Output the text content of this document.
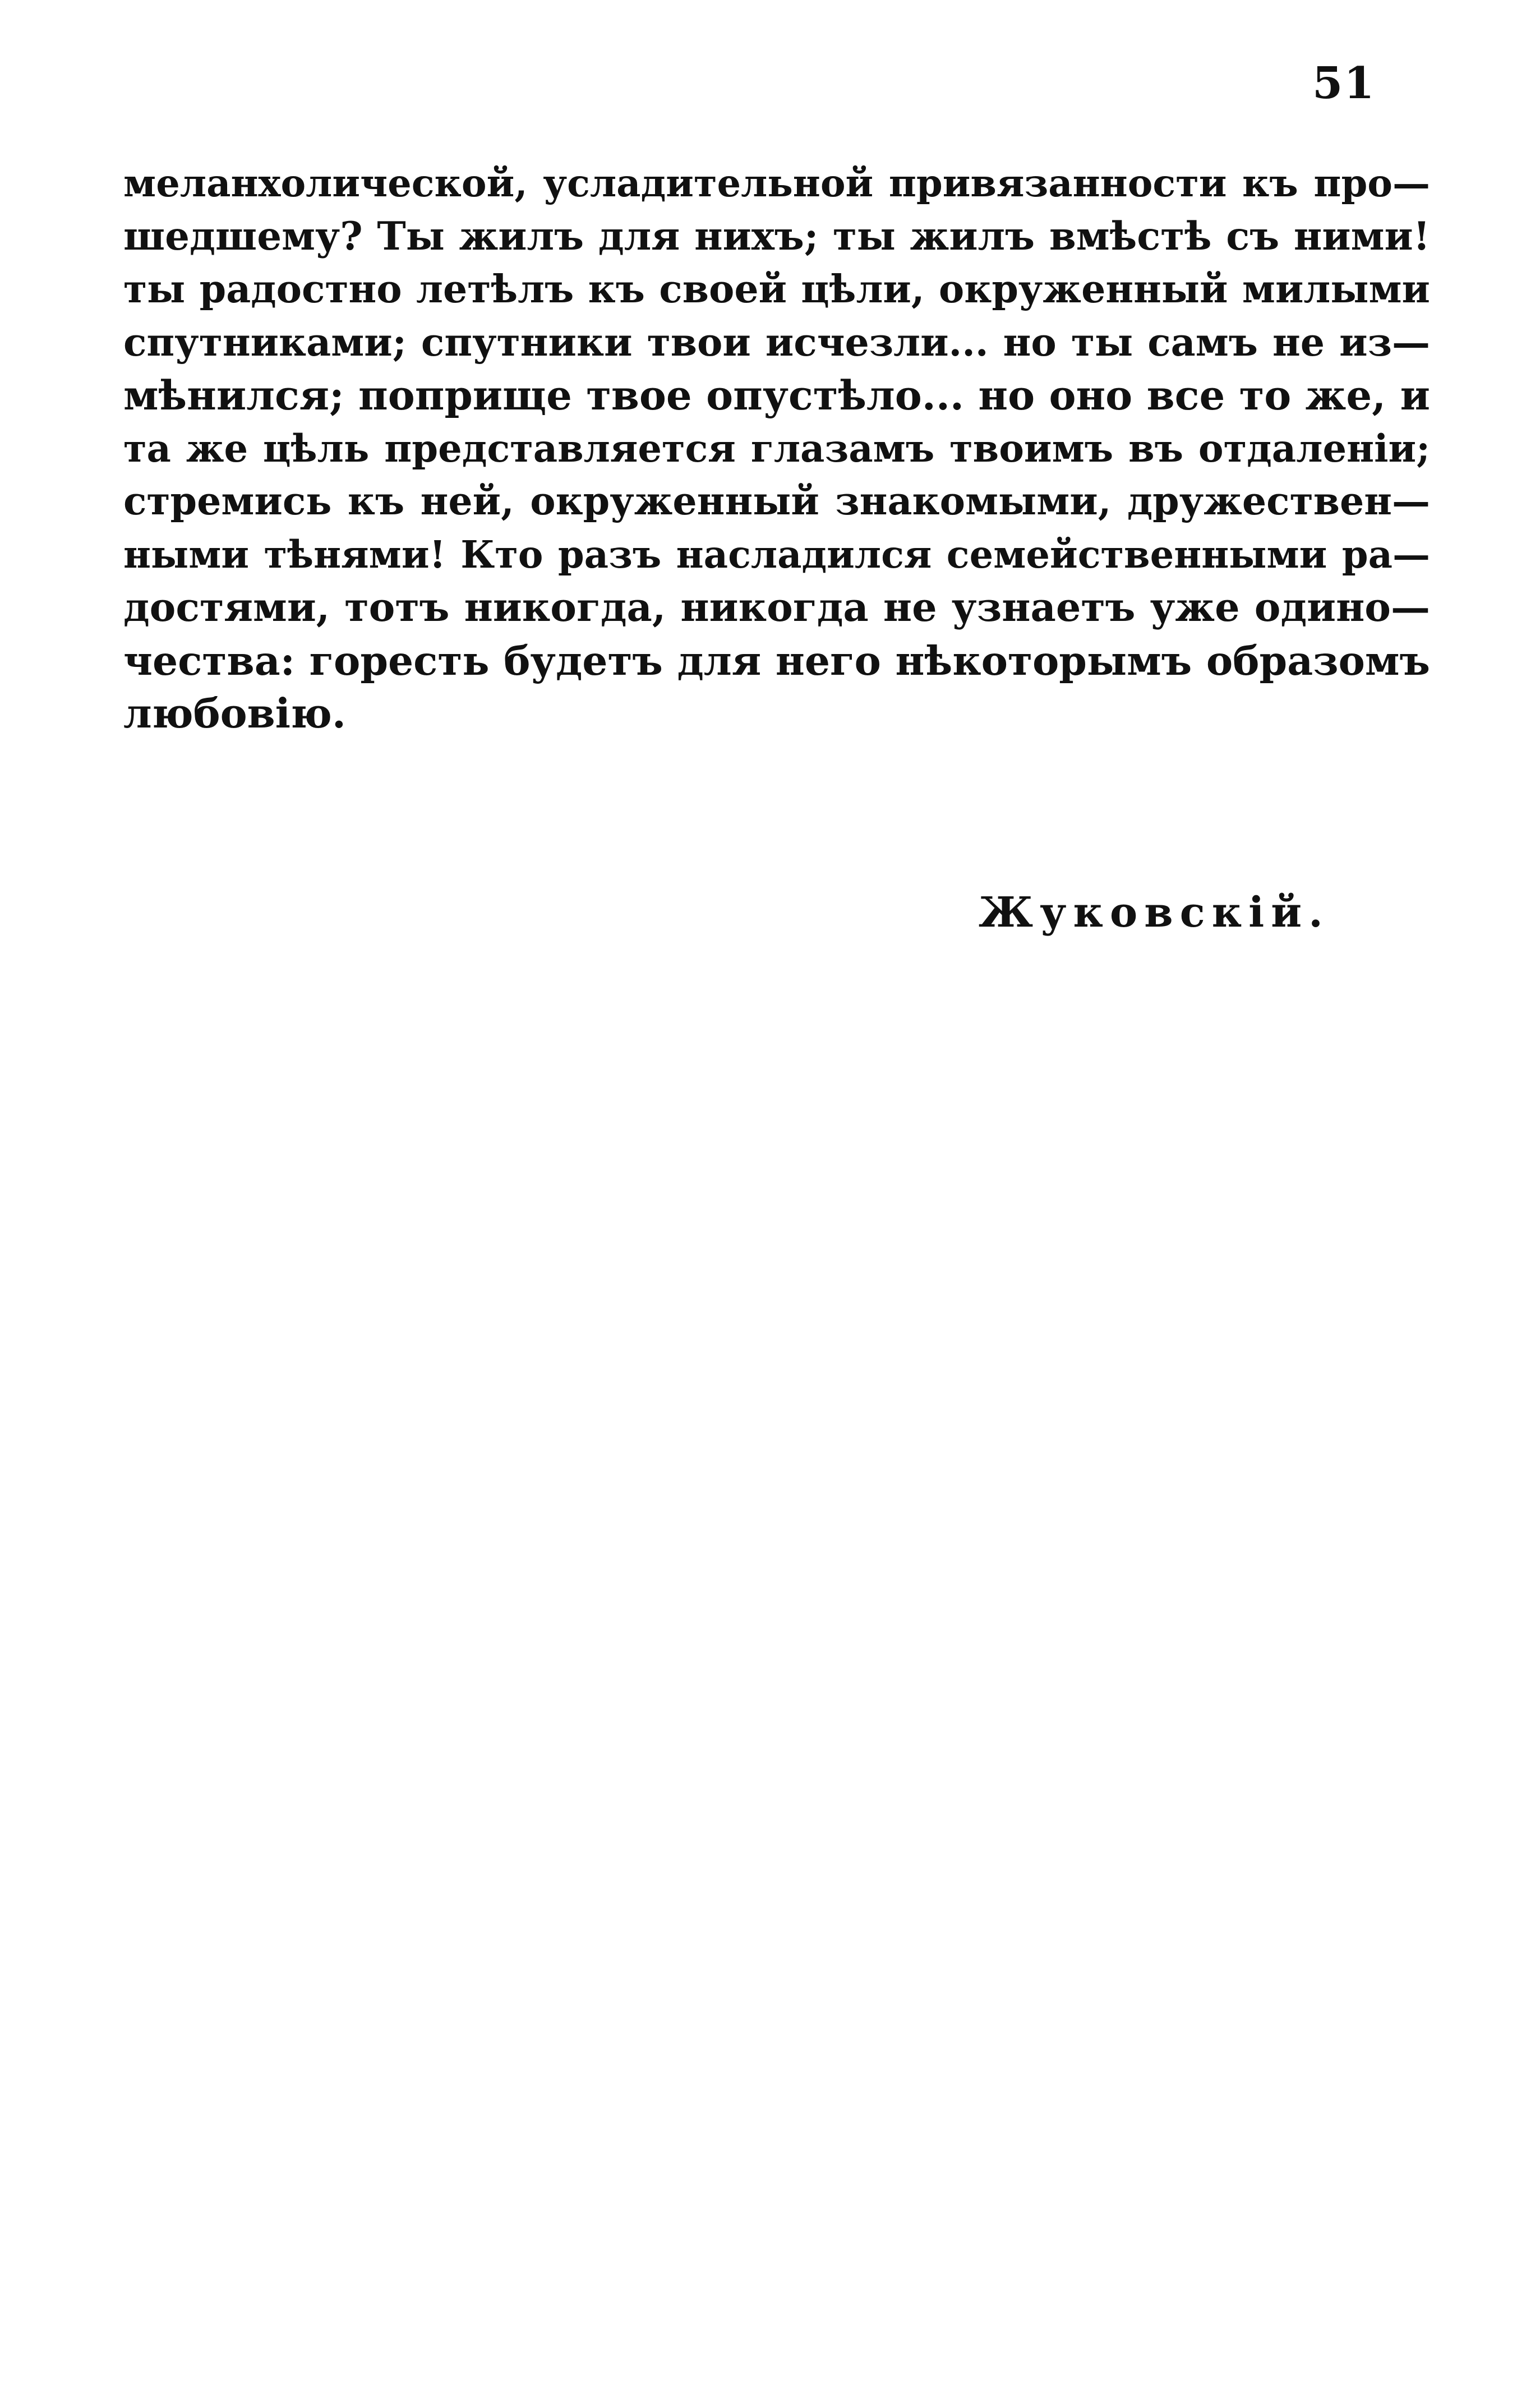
51
меланхолической, усладительной привязанности къ про—
шедшему? Ты жилъ для нихъ; ты жилъ вмѣстѣ съ ними!
ты радостно летѣлъ къ своей цѣли, окруженный милыми
спутниками; спутники твои исчезли... но ты самъ не из—
мѣнился; поприще твое опустѣло... но оно все то же, и
та же цѣль представляется глазамъ твоимъ въ отдаленіи;
стремись къ ней, окруженный знакомыми, дружествен—
ными тѣнями! Кто разъ насладился семейственными ра—
достями, тотъ никогда, никогда не узнаетъ уже одино—
чества: горесть будетъ для него нѣкоторымъ образомъ
любовію.
Жуковскій.
